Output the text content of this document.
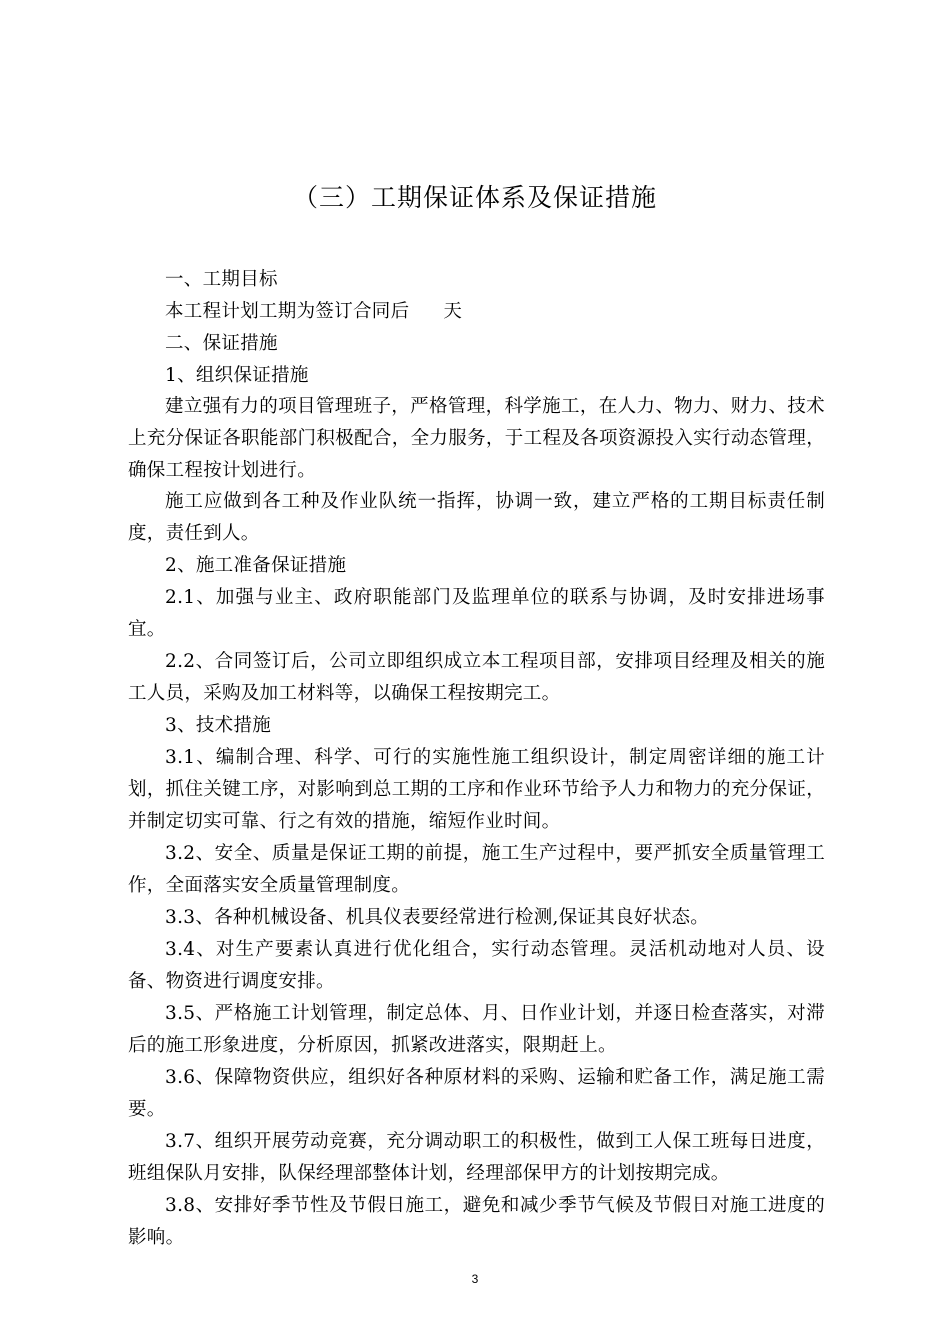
（三）工期保证体系及保证措施

一、工期目标

本工程计划工期为签订合同后 天

二、保证措施

1、组织保证措施

建立强有力的项目管理班子，严格管理，科学施工，在人力、物力、财力、技术上充分保证各职能部门积极配合，全力服务，于工程及各项资源投入实行动态管理，确保工程按计划进行。

施工应做到各工种及作业队统一指挥，协调一致，建立严格的工期目标责任制度，责任到人。

2、施工准备保证措施

2.1、加强与业主、政府职能部门及监理单位的联系与协调，及时安排进场事宜。

2.2、合同签订后，公司立即组织成立本工程项目部，安排项目经理及相关的施工人员，采购及加工材料等，以确保工程按期完工。

3、技术措施

3.1、编制合理、科学、可行的实施性施工组织设计，制定周密详细的施工计划，抓住关键工序，对影响到总工期的工序和作业环节给予人力和物力的充分保证，并制定切实可靠、行之有效的措施，缩短作业时间。

3.2、安全、质量是保证工期的前提，施工生产过程中，要严抓安全质量管理工作，全面落实安全质量管理制度。

3.3、各种机械设备、机具仪表要经常进行检测,保证其良好状态。

3.4、对生产要素认真进行优化组合，实行动态管理。灵活机动地对人员、设备、物资进行调度安排。

3.5、严格施工计划管理，制定总体、月、日作业计划，并逐日检查落实，对滞后的施工形象进度，分析原因，抓紧改进落实，限期赶上。

3.6、保障物资供应，组织好各种原材料的采购、运输和贮备工作，满足施工需要。

3.7、组织开展劳动竞赛，充分调动职工的积极性，做到工人保工班每日进度，班组保队月安排，队保经理部整体计划，经理部保甲方的计划按期完成。

3.8、安排好季节性及节假日施工，避免和减少季节气候及节假日对施工进度的影响。

3
